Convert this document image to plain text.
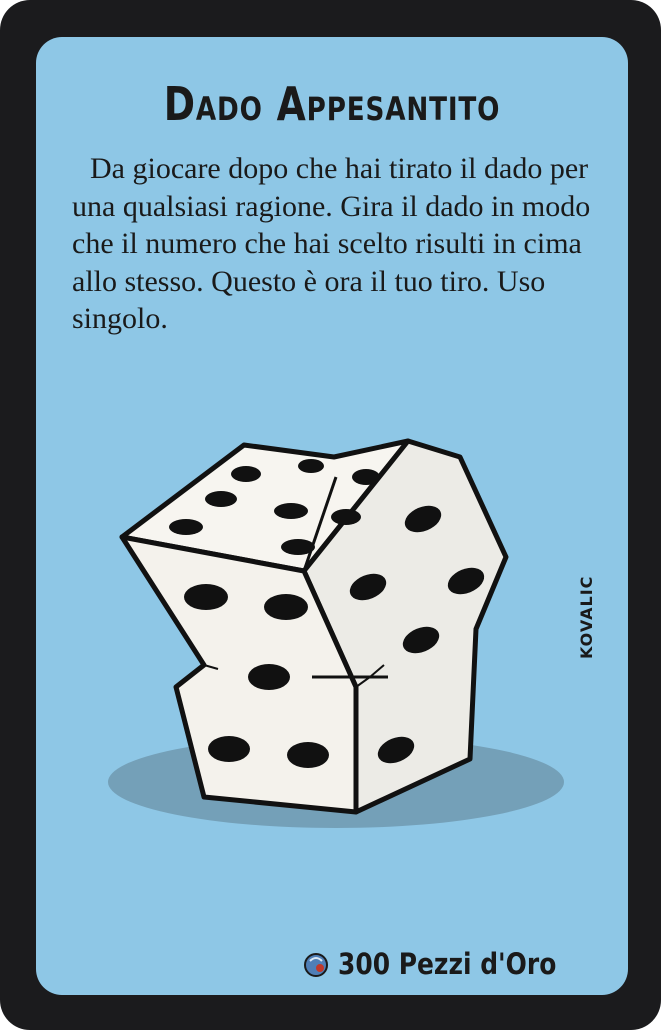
Dado Appesantito

Da giocare dopo che hai tirato il dado per una qualsiasi ragione. Gira il dado in modo che il numero che hai scelto risulti in cima allo stesso. Questo è ora il tuo tiro. Uso singolo.

KOVALIC
300 Pezzi d'Oro
